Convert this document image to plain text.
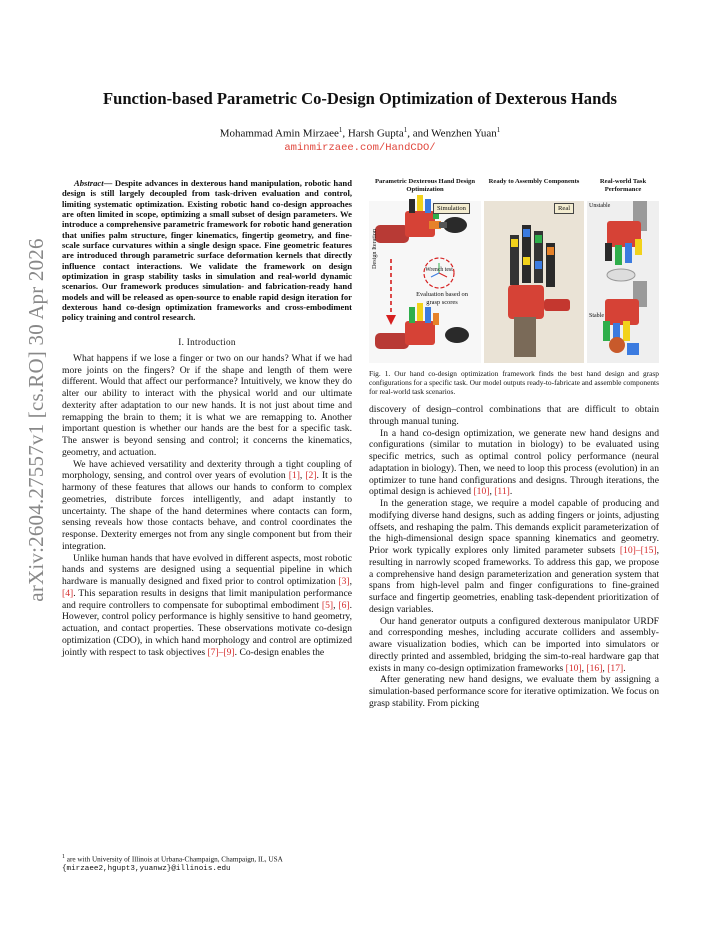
arXiv:2604.27557v1 [cs.RO] 30 Apr 2026
Function-based Parametric Co-Design Optimization of Dexterous Hands
Mohammad Amin Mirzaee$^1$, Harsh Gupta$^1$, and Wenzhen Yuan$^1$
aminmirzaee.com/HandCDO/

Abstract— Despite advances in dexterous hand manipulation, robotic hand design is still largely decoupled from task-driven evaluation and control, limiting systematic optimization. Existing robotic hand co-design approaches are often limited in scope, optimizing a small subset of design parameters. We introduce a comprehensive parametric framework for robotic hand generation that unifies palm structure, finger kinematics, fingertip geometry, and fine-scale surface curvatures within a single design space. Fine geometric features are introduced through parametric surface deformation kernels that directly influence contact interactions. We validate the framework on design optimization in grasp stability tasks in simulation and real-world dynamic scenarios. Our framework produces simulation- and fabrication-ready hand models and will be released as open-source to enable rapid design iteration for dexterous hand co-design optimization frameworks and cross-embodiment policy training and control research.

I. Introduction

What happens if we lose a finger or two on our hands? What if we had more joints on the fingers? Or if the shape and length of them were different. Would that affect our performance? Intuitively, we know they do alter our ability to interact with the physical world and our ultimate dexterity after adaptation to our new hands. It is not just about time and remapping the brain to them; it is what we are remapping to. Another important question is whether our hands are the best for a specific task. The answer is beyond sensing and control; it concerns the kinematics, geometry, and actuation.

We have achieved versatility and dexterity through a tight coupling of morphology, sensing, and control over years of evolution [1], [2]. It is the harmony of these features that allows our hands to conform to complex geometries, distribute forces intelligently, and adapt instantly to uncertainty. The shape of the hand determines where contacts can form, sensing reveals how those contacts behave, and control coordinates the response. Dexterity emerges not from any single component but from their integration.

Unlike human hands that have evolved in different aspects, most robotic hands and systems are designed using a sequential pipeline in which hardware is manually designed and fixed prior to control optimization [3], [4]. This separation results in designs that limit manipulation performance and require controllers to compensate for suboptimal embodiment [5], [6]. However, control policy performance is highly sensitive to hand geometry, actuation, and contact properties. These observations motivate co-design optimization (CDO), in which hand morphology and control are optimized jointly with respect to task objectives [7]–[9]. Co-design enables the

$^1$ are with University of Illinois at Urbana-Champaign, Champaign, IL, USA {mirzaee2,hgupt3,yuanwz}@illinois.edu
Parametric Dexterous Hand Design Optimization
Simulation
Design Iteration
Wrench test
Evaluation based on grasp scores
Ready to Assembly Components
Real
Real-world Task Performance
Unstable
Stable
Fig. 1. Our hand co-design optimization framework finds the best hand design and grasp configurations for a specific task. Our model outputs ready-to-fabricate and assemble components for real-world task scenarios.

discovery of design–control combinations that are difficult to obtain through manual tuning.

In a hand co-design optimization, we generate new hand designs and configurations (similar to mutation in biology) to be evaluated using specific metrics, such as optimal control policy performance (neural adaptation in biology). Then, we need to loop this process (evolution) in an optimizer to tune hand configurations and designs. Through iterations, the optimal design is achieved [10], [11].

In the generation stage, we require a model capable of producing and modifying diverse hand designs, such as adding fingers or joints, adjusting offsets, and reshaping the palm. This demands explicit parameterization of the high-dimensional design space spanning kinematics and geometry. Prior work typically explores only limited parameter subsets [10]–[15], resulting in narrowly scoped frameworks. To address this gap, we propose a comprehensive hand design parameterization and generation system that spans from high-level palm and finger configurations to fine-grained surface and fingertip geometries, enabling task-dependent prioritization of design variables.

Our hand generator outputs a configured dexterous manipulator URDF and corresponding meshes, including accurate colliders and assembly-aware visualization bodies, which can be imported into simulators or directly printed and assembled, bridging the sim-to-real hardware gap that exists in many co-design optimization frameworks [10], [16], [17].

After generating new hand designs, we evaluate them by assigning a simulation-based performance score for iterative optimization. We focus on grasp stability. From picking
